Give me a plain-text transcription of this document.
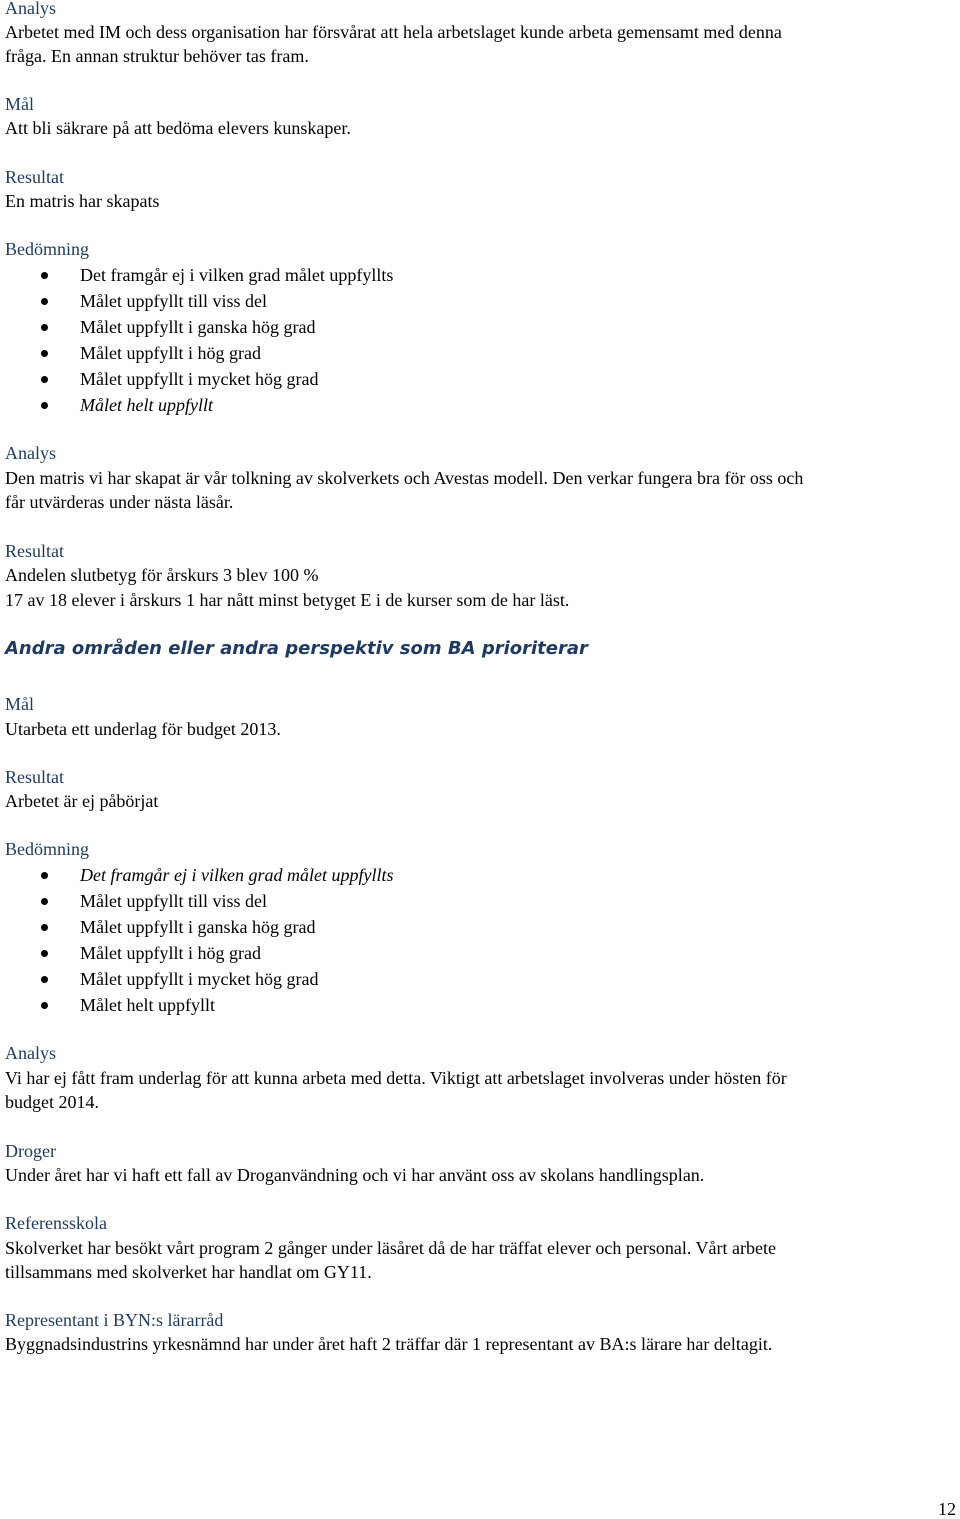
Analys
Arbetet med IM och dess organisation har försvårat att hela arbetslaget kunde arbeta gemensamt med denna
fråga. En annan struktur behöver tas fram.
Mål
Att bli säkrare på att bedöma elevers kunskaper.
Resultat
En matris har skapats
Bedömning
Det framgår ej i vilken grad målet uppfyllts
Målet uppfyllt till viss del
Målet uppfyllt i ganska hög grad
Målet uppfyllt i hög grad
Målet uppfyllt i mycket hög grad
Målet helt uppfyllt
Analys
Den matris vi har skapat är vår tolkning av skolverkets och Avestas modell. Den verkar fungera bra för oss och
får utvärderas under nästa läsår.
Resultat
Andelen slutbetyg för årskurs 3 blev 100 %
17 av 18 elever i årskurs 1 har nått minst betyget E i de kurser som de har läst.
Andra områden eller andra perspektiv som BA prioriterar
Mål
Utarbeta ett underlag för budget 2013.
Resultat
Arbetet är ej påbörjat
Bedömning
Det framgår ej i vilken grad målet uppfyllts
Målet uppfyllt till viss del
Målet uppfyllt i ganska hög grad
Målet uppfyllt i hög grad
Målet uppfyllt i mycket hög grad
Målet helt uppfyllt
Analys
Vi har ej fått fram underlag för att kunna arbeta med detta. Viktigt att arbetslaget involveras under hösten för
budget 2014.
Droger
Under året har vi haft ett fall av Droganvändning och vi har använt oss av skolans handlingsplan.
Referensskola
Skolverket har besökt vårt program 2 gånger under läsåret då de har träffat elever och personal. Vårt arbete
tillsammans med skolverket har handlat om GY11.
Representant i BYN:s lärarråd
Byggnadsindustrins yrkesnämnd har under året haft 2 träffar där 1 representant av BA:s lärare har deltagit.
12
